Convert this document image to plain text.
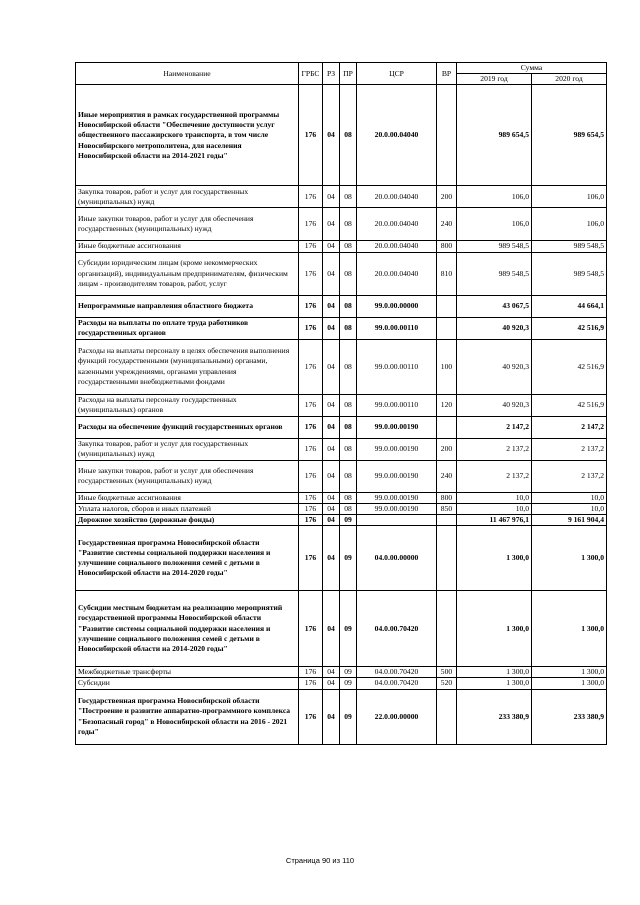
Наименование	ГРБС	РЗ	ПР	ЦСР	ВР	Сумма	
						2019 год	2020 год
Иные мероприятия в рамках государственной программы Новосибирской области "Обеспечение доступности услуг общественного пассажирского транспорта, в том числе Новосибирского метрополитена, для населения Новосибирской области на 2014-2021 годы"	176	04	08	20.0.00.04040		989 654,5	989 654,5
Закупка товаров, работ и услуг для государственных (муниципальных) нужд	176	04	08	20.0.00.04040	200	106,0	106,0
Иные закупки товаров, работ и услуг для обеспечения государственных (муниципальных) нужд	176	04	08	20.0.00.04040	240	106,0	106,0
Иные бюджетные ассигнования	176	04	08	20.0.00.04040	800	989 548,5	989 548,5
Субсидии юридическим лицам (кроме некоммерческих организаций), индивидуальным предпринимателям, физическим лицам - производителям товаров, работ, услуг	176	04	08	20.0.00.04040	810	989 548,5	989 548,5
Непрограммные направления областного бюджета	176	04	08	99.0.00.00000		43 067,5	44 664,1
Расходы на выплаты по оплате труда работников государственных органов	176	04	08	99.0.00.00110		40 920,3	42 516,9
Расходы на выплаты персоналу в целях обеспечения выполнения функций государственными (муниципальными) органами, казенными учреждениями, органами управления государственными внебюджетными фондами	176	04	08	99.0.00.00110	100	40 920,3	42 516,9
Расходы на выплаты персоналу государственных (муниципальных) органов	176	04	08	99.0.00.00110	120	40 920,3	42 516,9
Расходы на обеспечение функций государственных органов	176	04	08	99.0.00.00190		2 147,2	2 147,2
Закупка товаров, работ и услуг для государственных (муниципальных) нужд	176	04	08	99.0.00.00190	200	2 137,2	2 137,2
Иные закупки товаров, работ и услуг для обеспечения государственных (муниципальных) нужд	176	04	08	99.0.00.00190	240	2 137,2	2 137,2
Иные бюджетные ассигнования	176	04	08	99.0.00.00190	800	10,0	10,0
Уплата налогов, сборов и иных платежей	176	04	08	99.0.00.00190	850	10,0	10,0
Дорожное хозяйство (дорожные фонды)	176	04	09			11 467 976,1	9 161 904,4
Государственная программа Новосибирской области "Развитие системы социальной поддержки населения и улучшение социального положения семей с детьми в Новосибирской области на 2014-2020 годы"	176	04	09	04.0.00.00000		1 300,0	1 300,0
Субсидии местным бюджетам на реализацию мероприятий государственной программы Новосибирской области "Развитие системы социальной поддержки населения и улучшение социального положения семей с детьми в Новосибирской области на 2014-2020 годы"	176	04	09	04.0.00.70420		1 300,0	1 300,0
Межбюджетные трансферты	176	04	09	04.0.00.70420	500	1 300,0	1 300,0
Субсидии	176	04	09	04.0.00.70420	520	1 300,0	1 300,0
Государственная программа Новосибирской области "Построение и развитие аппаратно-программного комплекса "Безопасный город" в Новосибирской области на 2016 - 2021 годы"	176	04	09	22.0.00.00000		233 380,9	233 380,9
Страница 90 из 110
